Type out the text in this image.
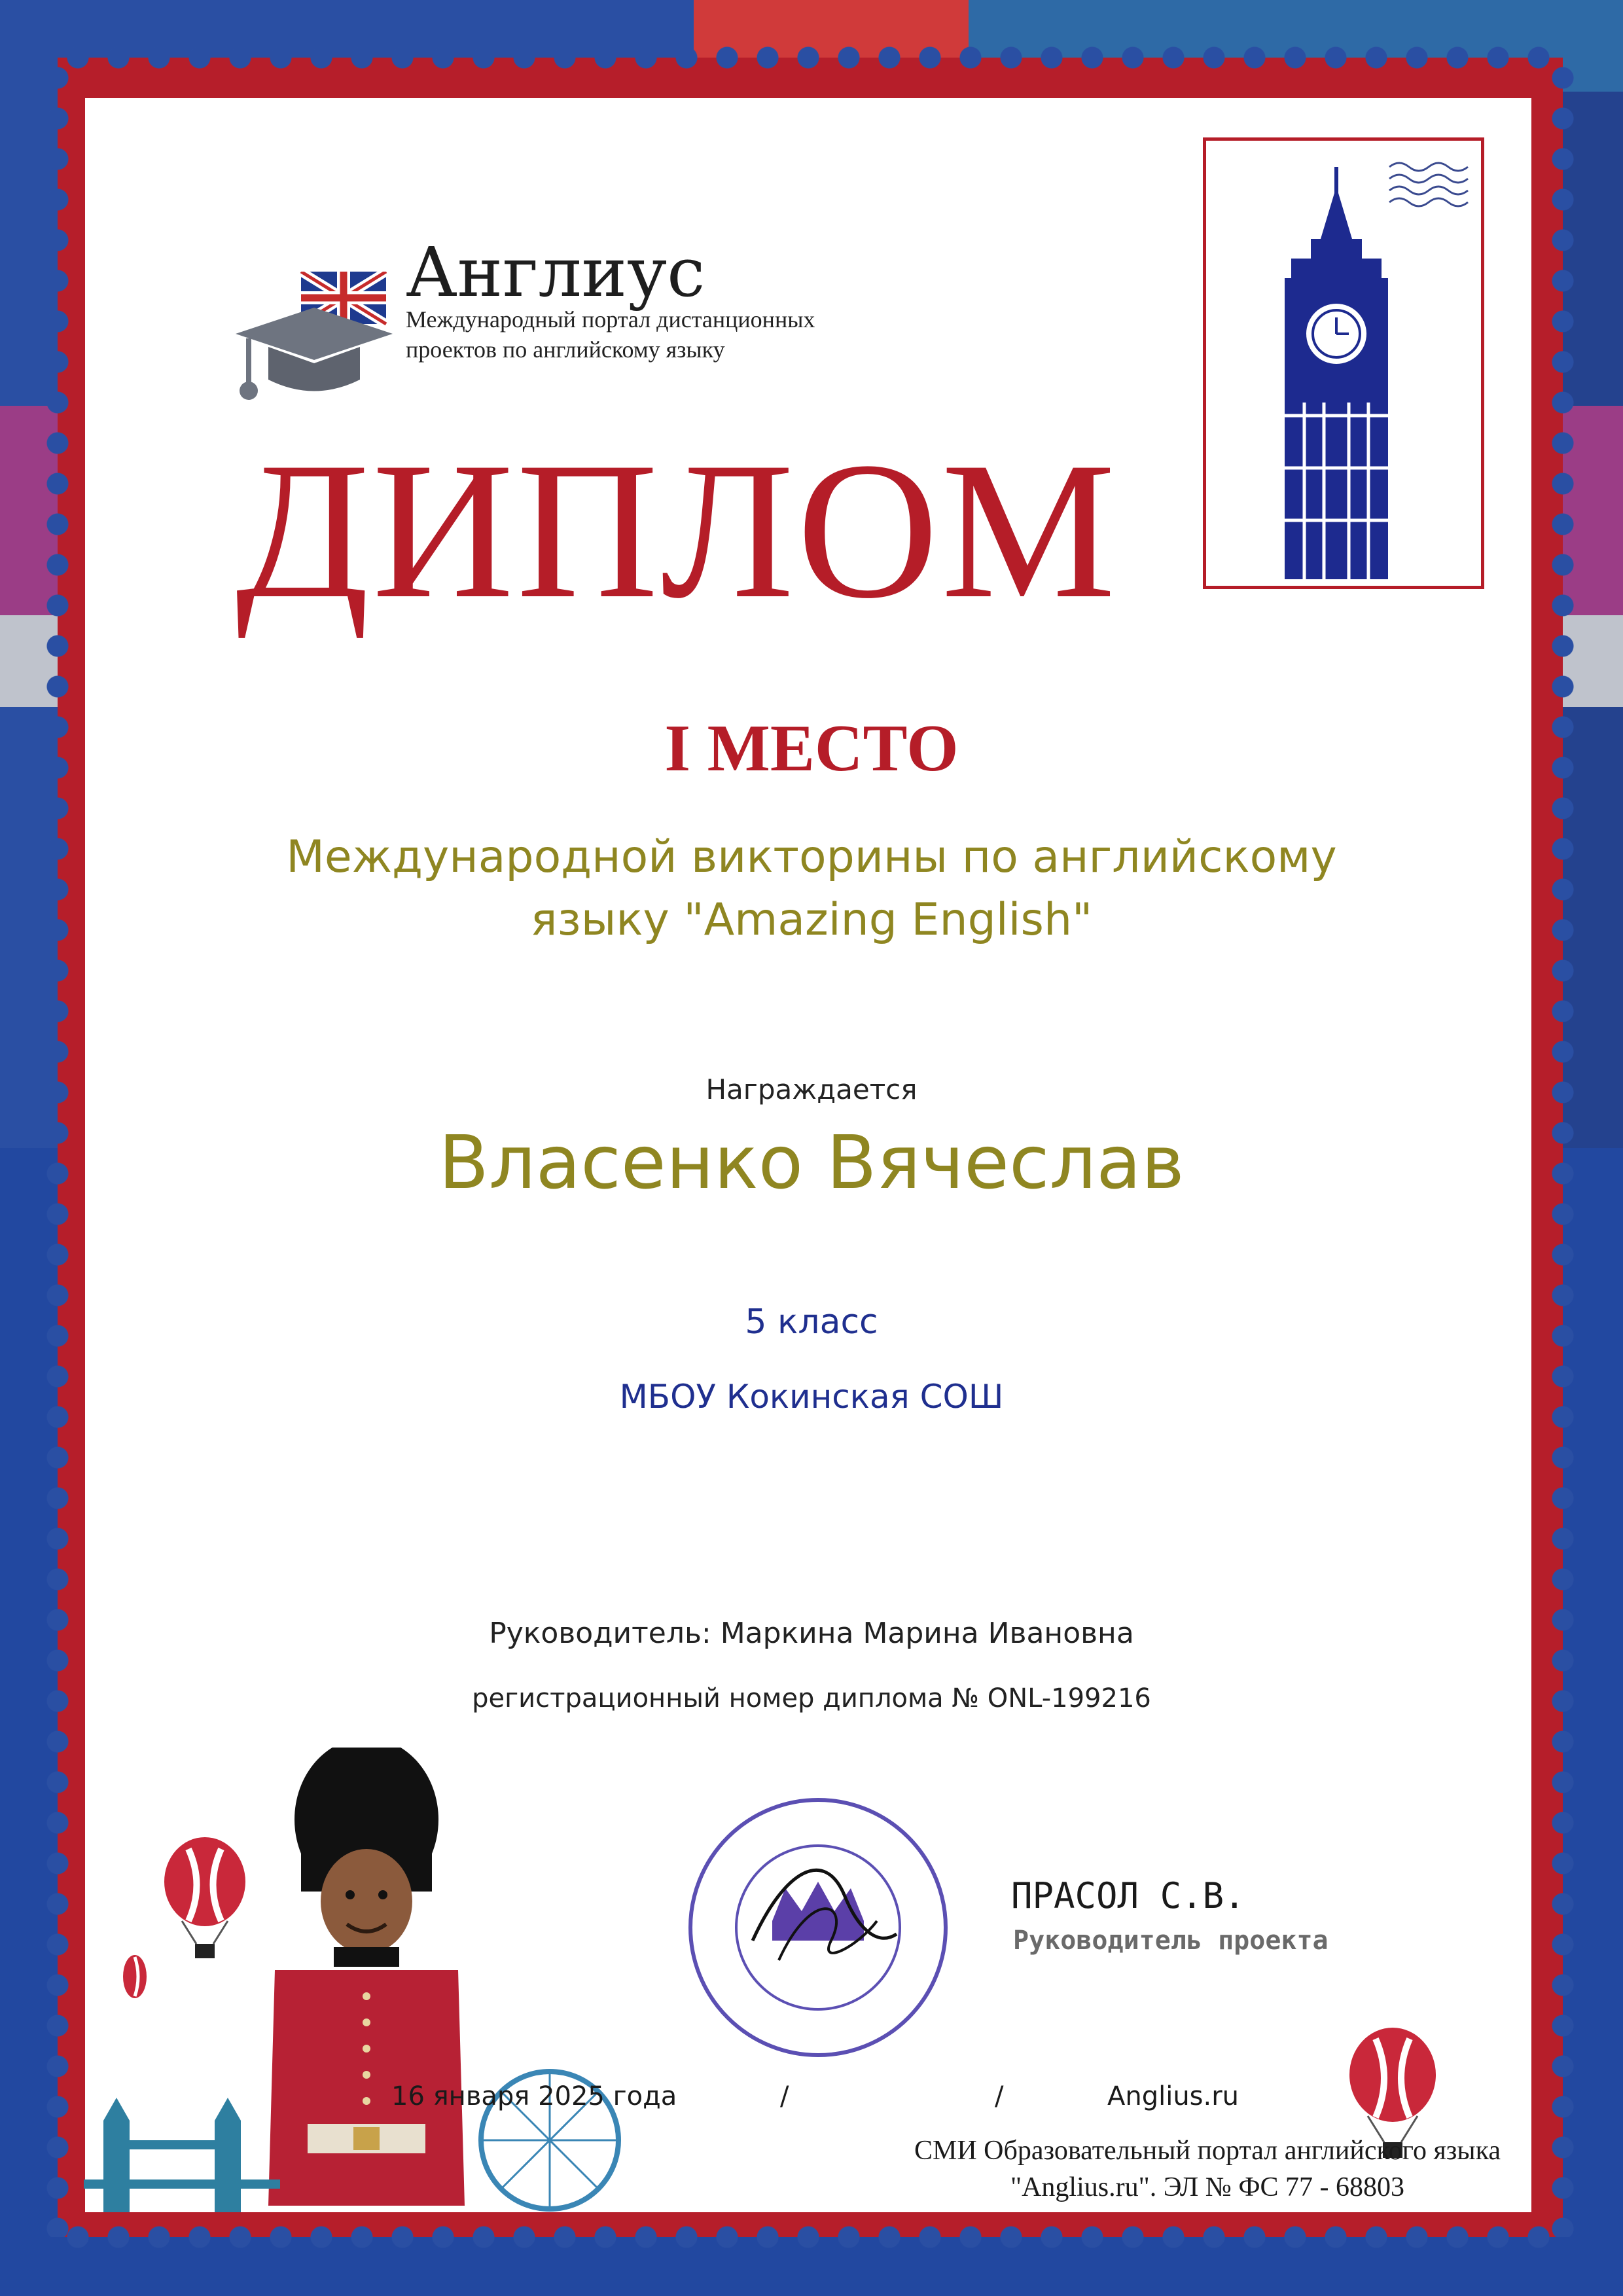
Англиус
Международный портал дистанционных
проектов по английскому языку
ДИПЛОМ
I МЕСТО
Международной викторины по английскому
языку "Amazing English"
Награждается
Власенко Вячеслав
5 класс
МБОУ Кокинская СОШ
Руководитель: Маркина Марина Ивановна
регистрационный номер диплома № ONL-199216
ПРАСОЛ С.В.
Руководитель проекта
16 января 2025 года	/	/	Anglius.ru
СМИ Образовательный портал английского языка
"Anglius.ru". ЭЛ № ФС 77 - 68803
